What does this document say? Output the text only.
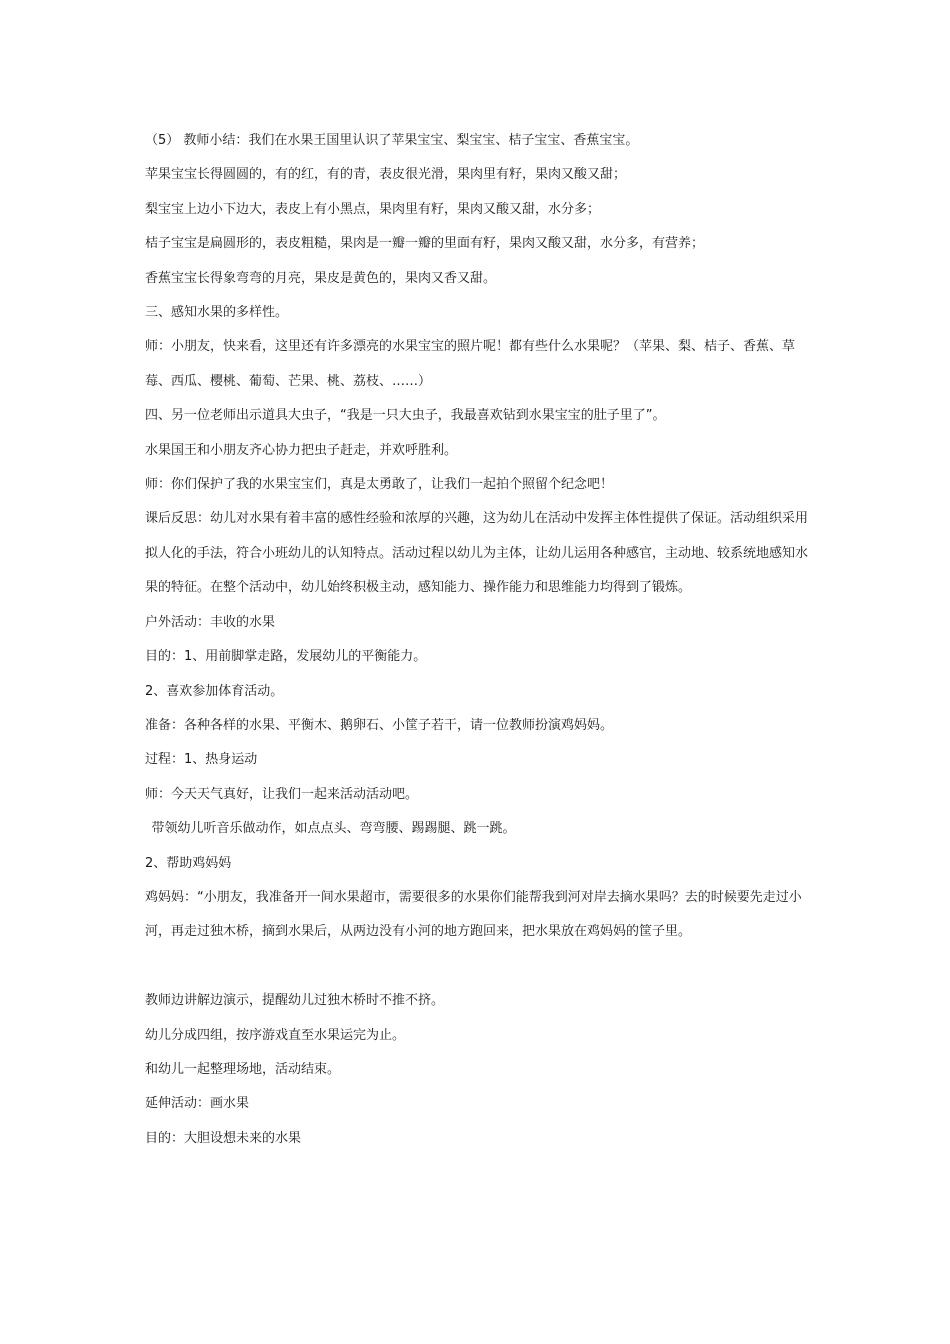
（5） 教师小结：我们在水果王国里认识了苹果宝宝、梨宝宝、桔子宝宝、香蕉宝宝。

苹果宝宝长得圆圆的，有的红，有的青，表皮很光滑，果肉里有籽，果肉又酸又甜；

梨宝宝上边小下边大，表皮上有小黑点，果肉里有籽，果肉又酸又甜，水分多；

桔子宝宝是扁圆形的，表皮粗糙，果肉是一瓣一瓣的里面有籽，果肉又酸又甜，水分多，有营养；

香蕉宝宝长得象弯弯的月亮，果皮是黄色的，果肉又香又甜。

三、感知水果的多样性。

师：小朋友，快来看，这里还有许多漂亮的水果宝宝的照片呢！都有些什么水果呢？（苹果、梨、桔子、香蕉、草莓、西瓜、樱桃、葡萄、芒果、桃、荔枝、……）

四、另一位老师出示道具大虫子，“我是一只大虫子，我最喜欢钻到水果宝宝的肚子里了”。

水果国王和小朋友齐心协力把虫子赶走，并欢呼胜利。

师：你们保护了我的水果宝宝们，真是太勇敢了，让我们一起拍个照留个纪念吧！

课后反思：幼儿对水果有着丰富的感性经验和浓厚的兴趣，这为幼儿在活动中发挥主体性提供了保证。活动组织采用拟人化的手法，符合小班幼儿的认知特点。活动过程以幼儿为主体，让幼儿运用各种感官，主动地、较系统地感知水果的特征。在整个活动中，幼儿始终积极主动，感知能力、操作能力和思维能力均得到了锻炼。

户外活动：丰收的水果

目的：1、用前脚掌走路，发展幼儿的平衡能力。

2、喜欢参加体育活动。

准备：各种各样的水果、平衡木、鹅卵石、小筐子若干，请一位教师扮演鸡妈妈。

过程：1、热身运动

师：今天天气真好，让我们一起来活动活动吧。

带领幼儿听音乐做动作，如点点头、弯弯腰、踢踢腿、跳一跳。

2、帮助鸡妈妈

鸡妈妈：“小朋友，我准备开一间水果超市，需要很多的水果你们能帮我到河对岸去摘水果吗？去的时候要先走过小河，再走过独木桥，摘到水果后，从两边没有小河的地方跑回来，把水果放在鸡妈妈的筐子里。

教师边讲解边演示，提醒幼儿过独木桥时不推不挤。

幼儿分成四组，按序游戏直至水果运完为止。

和幼儿一起整理场地，活动结束。

延伸活动：画水果

目的：大胆设想未来的水果
